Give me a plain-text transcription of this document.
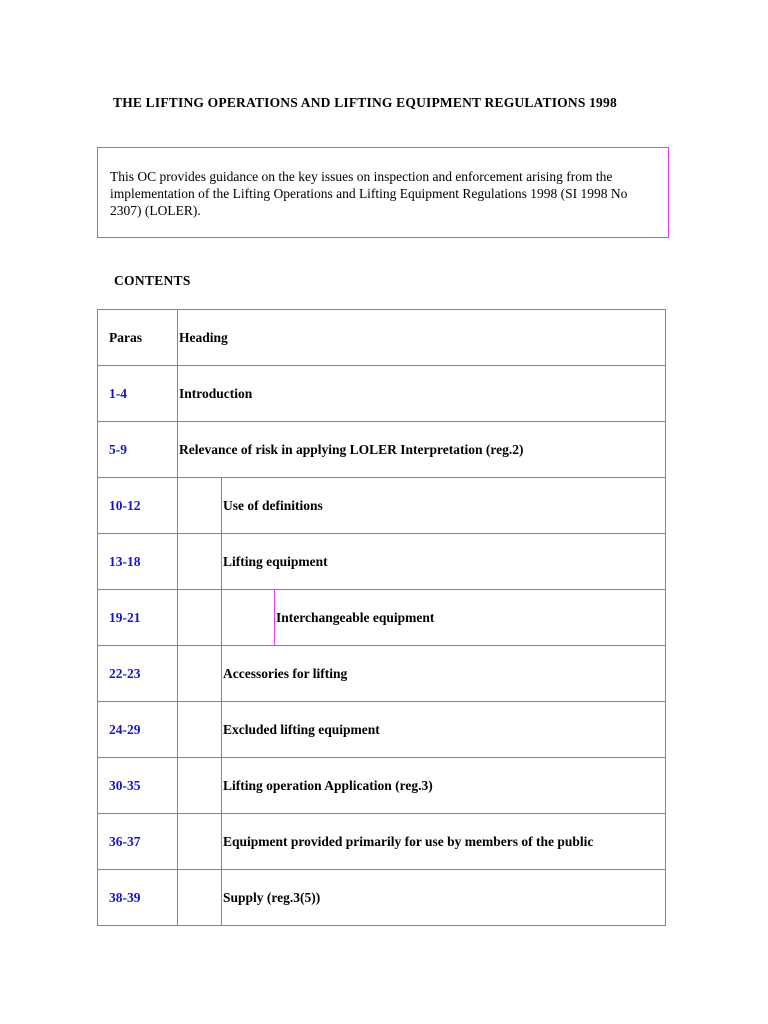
THE LIFTING OPERATIONS AND LIFTING EQUIPMENT REGULATIONS 1998
This OC provides guidance on the key issues on inspection and enforcement arising from the implementation of the Lifting Operations and Lifting Equipment Regulations 1998 (SI 1998 No 2307) (LOLER).
CONTENTS
Paras	Heading		
1-4	Introduction		
5-9	Relevance of risk in applying LOLER Interpretation (reg.2)		
10-12		Use of definitions	
13-18		Lifting equipment	
19-21			Interchangeable equipment
22-23		Accessories for lifting	
24-29		Excluded lifting equipment	
30-35		Lifting operation Application (reg.3)	
36-37		Equipment provided primarily for use by members of the public	
38-39		Supply (reg.3(5))	
